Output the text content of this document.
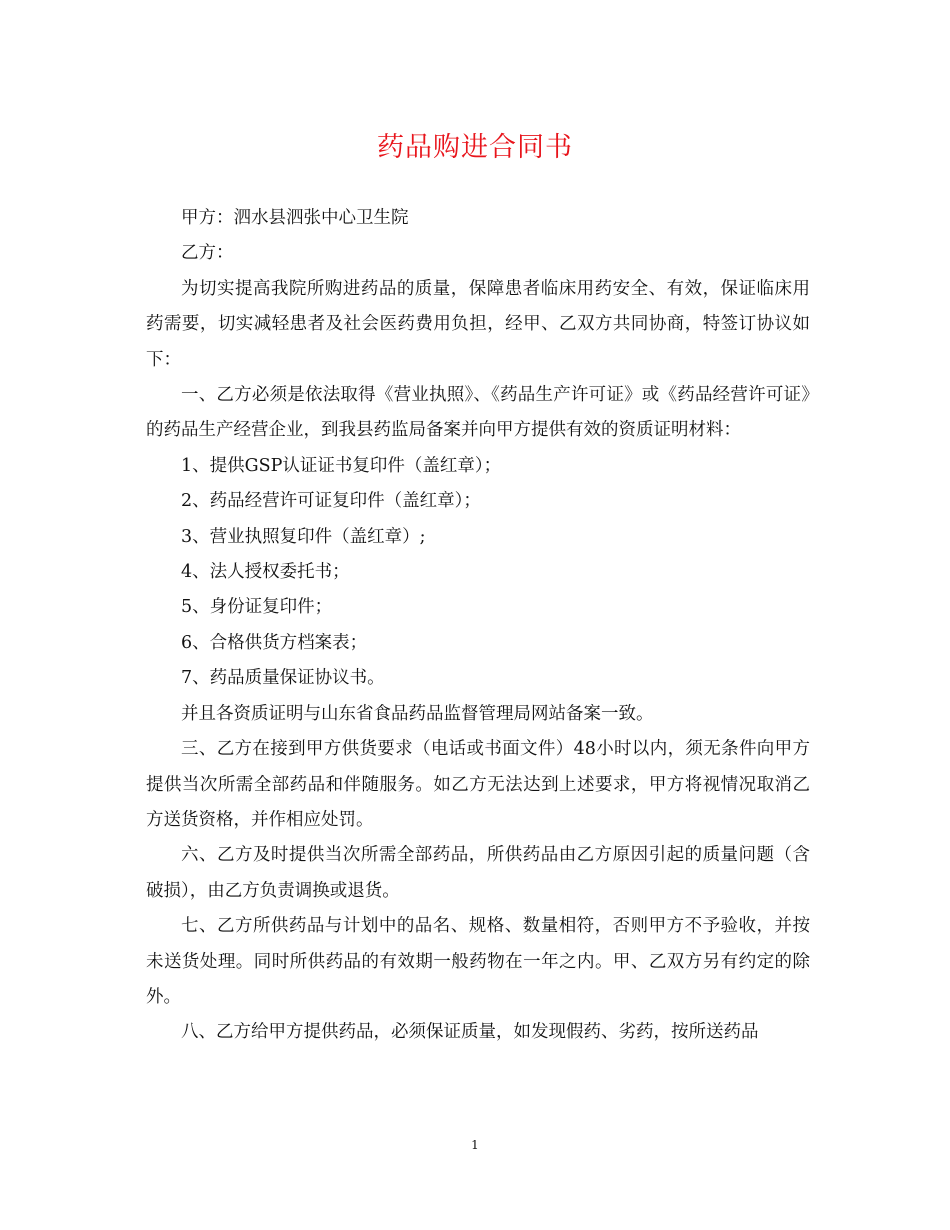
药品购进合同书

甲方：泗水县泗张中心卫生院

乙方：

为切实提高我院所购进药品的质量，保障患者临床用药安全、有效，保证临床用药需要，切实减轻患者及社会医药费用负担，经甲、乙双方共同协商，特签订协议如下：

一、乙方必须是依法取得《营业执照》、《药品生产许可证》或《药品经营许可证》的药品生产经营企业，到我县药监局备案并向甲方提供有效的资质证明材料：

1、提供GSP认证证书复印件（盖红章）；

2、药品经营许可证复印件（盖红章）；

3、营业执照复印件（盖红章）;

4、法人授权委托书；

5、身份证复印件；

6、合格供货方档案表；

7、药品质量保证协议书。

并且各资质证明与山东省食品药品监督管理局网站备案一致。

三、乙方在接到甲方供货要求（电话或书面文件）48小时以内，须无条件向甲方提供当次所需全部药品和伴随服务。如乙方无法达到上述要求，甲方将视情况取消乙方送货资格，并作相应处罚。

六、乙方及时提供当次所需全部药品，所供药品由乙方原因引起的质量问题（含破损），由乙方负责调换或退货。

七、乙方所供药品与计划中的品名、规格、数量相符，否则甲方不予验收，并按未送货处理。同时所供药品的有效期一般药物在一年之内。甲、乙双方另有约定的除外。

八、乙方给甲方提供药品，必须保证质量，如发现假药、劣药，按所送药品

1
